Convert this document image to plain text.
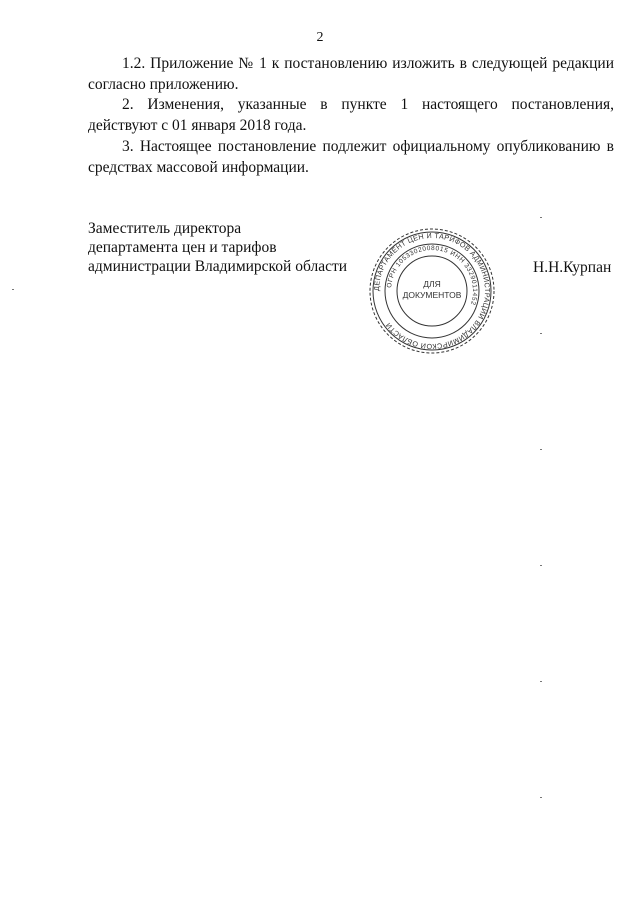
2

1.2. Приложение № 1 к постановлению изложить в следующей редакции согласно приложению.

2. Изменения, указанные в пункте 1 настоящего постановления, действуют с 01 января 2018 года.

3. Настоящее постановление подлежит официальному опубликованию в средствах массовой информации.

Заместитель директора
департамента цен и тарифов
администрации Владимирской области	Н.Н.Курпан
ДЕПАРТАМЕНТ ЦЕН И ТАРИФОВ АДМИНИСТРАЦИИ ВЛАДИМИРСКОЙ ОБЛАСТИ
ОГРН 1053302008015 ИНН 3329011452
ДЛЯ
ДОКУМЕНТОВ
